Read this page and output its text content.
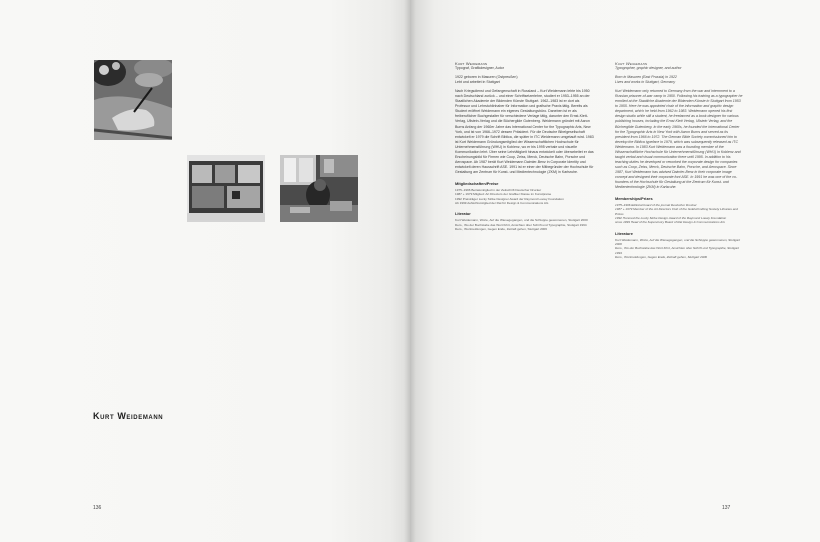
Kurt Weidemann
136
Kurt Weidemann
Typograf, Grafikdesigner, Autor
1922 geboren in Masuren (Ostpreußen)

Lebt und arbeitet in Stuttgart

Nach Kriegsdienst und Gefangenschaft in Russland – Kurt Weidemann lebte bis 1950 nach Deutschland zurück – und einer Schriftsetzerlehre, studiert er 1953–1955 an der Staatlichen Akademie der Bildenden Künste Stuttgart. 1962–1983 ist er dort als Professor und Lehrstuhlinhaber für Information und grafische Praxis tätig. Bereits als Student eröffnet Weidemann ein eigenes Gestaltungsbüro. Daneben ist er als freiberuflicher Buchgestalter für verschiedene Verlage tätig, darunter den Ernst-Klett-Verlag, Ullstein-Verlag und die Büchergilde Gutenberg. Weidemann gründet mit Aaron Burns Anfang der 1960er Jahre das International Center for the Typographic Arts, New York, und ist von 1966–1972 dessen Präsident. Für die Deutsche Bibelgesellschaft entwickelt er 1979 die Schrift Biblica, die später in ITC Weidemann umgetauft wird. 1983 ist Kurt Weidemann Gründungsmitglied der Wissenschaftlichen Hochschule für Unternehmensführung (WHU) in Koblenz, wo er bis 1995 verbale und visuelle Kommunikation lehrt. Über seine Lehrtätigkeit hinaus entwickelt oder überarbeitet er das Erscheinungsbild für Firmen wie Coop, Zeiss, Merck, Deutsche Bahn, Porsche und Aerospace. Ab 1987 berät Kurt Weidemann Daimler-Benz in Corporate Identity und entwickelt deren Hausschrift ASE. 1991 ist er einer der Mitbegründer der Hochschule für Gestaltung am Zentrum für Kunst- und Medientechnologie (ZKM) in Karlsruhe.

Mitgliedschaften/Preise
1975–1996 Beiratsmitglied in der Zeitschrift Deutscher Drucker
1987 + 1979 Mitglied: Art Directors der Grafiker Klasse im Kunstpreise
1992 Preisträger Lucky Strike Designer Award der Raymond Loewy Foundation
Ab 1999 Aufsichtsmitglied der Rat für Design & Communications AG
Literatur
Kurt Weidemann, Worte, Auf die Wiesegegangen, und die Schluppe gewonnenen, Stuttgart 2000
Ders., Wo der Buchstabe das Wort führt, Ansichten über Schrift und Typographie, Stuttgart 1994
Ders., Wortmeldungen, Gegen Ende, Zeitraft gehen, Stuttgart 2006
Kurt Weidemann
Typographer, graphic designer, and author
Born in Masuren (East Prussia) in 1922

Lives and works in Stuttgart, Germany

Kurt Weidemann only returned to Germany from the war and internment to a Russian prisoner-of-war camp in 1950. Following his training as a typographer he enrolled at the Staatliche Akademie der Bildenden Künste in Stuttgart from 1953 to 1955. Here he was appointed chair of the information and graphic design department, which he held from 1962 to 1983. Weidemann opened his first design studio while still a student, he freelanced as a book designer for various publishing houses, including the Ernst Klett Verlag, Ullstein Verlag, and the Büchergilde Gutenberg. In the early 1960s, he founded the International Center for the Typographic Arts in New York with Aaron Burns and served as its president from 1966 to 1972. The German Bible Society commissioned him to develop the Biblica typeface in 1979, which was subsequently released as ITC Weidemann. In 1983 Kurt Weidemann was a founding member of the Wissenschaftliche Hochschule für Unternehmensführung (WHU) in Koblenz and taught verbal and visual communication there until 1995. In addition to his teaching duties he developed or reworked the corporate design for companies such as Coop, Zeiss, Merck, Deutsche Bahn, Porsche, and Aerospace. Since 1987, Kurt Weidemann has advised Daimler-Benz in their corporate image concept and designed their corporate font ASE. In 1991 he was one of the co-founders of the Hochschule für Gestaltung at the Zentrum für Kunst- und Medientechnologie (ZKM) in Karlsruhe.

Memberships/Prizes
1975–1996 Editorial board of the journal Deutscher Drucker
1987 + 1979 Member of the Art Directors Club of the Goldschmitting Society Libraries and Prizes
1992 Honored the Lucky Strike Design Award of the Raymond Loewy Foundation
since 1999 Head of the Supervisory Board of Rat Design & Communications AG
Literature
Kurt Weidemann, Worte, Auf die Wiesegegangen, und die Schluppe gewonnenen, Stuttgart 2000
Ders., Wo der Buchstabe das Wort führt, Ansichten über Schrift und Typographie, Stuttgart 1994
Ders., Wortmeldungen, Gegen Ende, Zeitraft gehen, Stuttgart 2006
137
